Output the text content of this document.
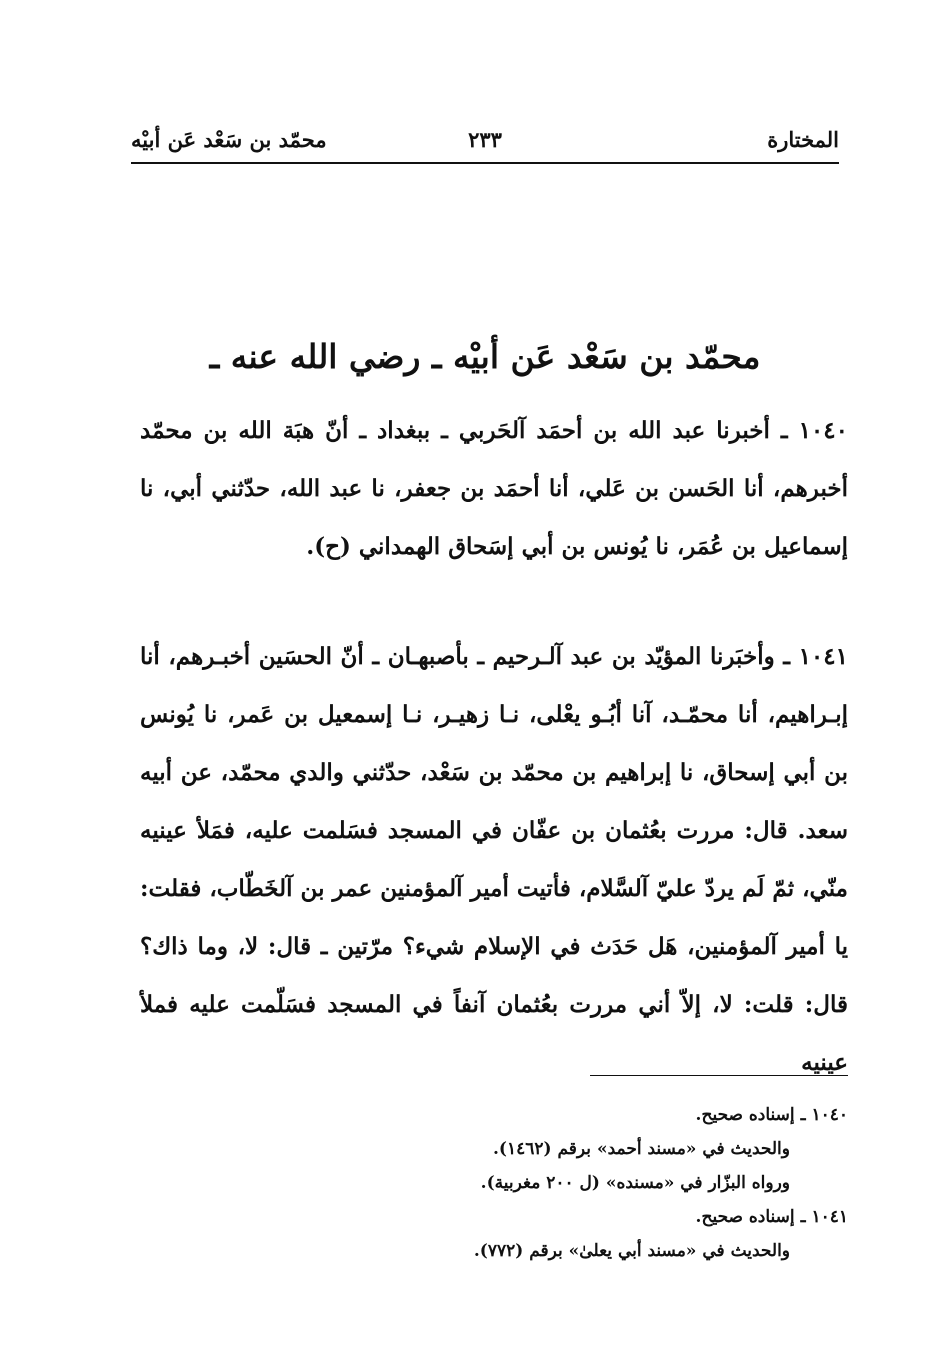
المختارة
٢٣٣
محمّد بن سَعْد عَن أبيْه
محمّد بن سَعْد عَن أبيْه ـ رضي الله عنه ـ
١٠٤٠ ـ أخبرنا عبد الله بن أحمَد آلحَربي ـ ببغداد ـ أنّ هبَة الله بن محمّد أخبرهم، أنا الحَسن بن عَلي، أنا أحمَد بن جعفر، نا عبد الله، حدّثني أبي، نا إسماعيل بن عُمَر، نا يُونس بن أبي إسَحاق الهمداني (ح).
١٠٤١ ـ وأخبَرنا المؤيّد بن عبد آلـرحيم ـ بأصبهـان ـ أنّ الحسَين أخبـرهم، أنا إبـراهيم، أنا محمّـد، آنا أبُـو يعْلى، نـا زهيـر، نـا إسمعيل بن عَمر، نا يُونس بن أبي إسحاق، نا إبراهيم بن محمّد بن سَعْد، حدّثني والدي محمّد، عن أبيه سعد. قال: مررت بعُثمان بن عفّان في المسجد فسَلمت عليه، فمَلأ عينيه منّي، ثمّ لَم يردّ عليّ آلسَّلام، فأتيت أمير آلمؤمنين عمر بن آلخَطّاب، فقلت: يا أمير آلمؤمنين، هَل حَدَث في الإسلام شيء؟ مرّتين ـ قال: لا، وما ذاك؟ قال: قلت: لا، إلاّ أني مررت بعُثمان آنفاً في المسجد فسَلّمت عليه فملأ عينيه
١٠٤٠ ـ إسناده صحيح.
والحديث في «مسند أحمد» برقم (١٤٦٢).
ورواه البزّار في «مسنده» (ل ٢٠٠ مغربية).
١٠٤١ ـ إسناده صحيح.
والحديث في «مسند أبي يعلىٰ» برقم (٧٧٢).
